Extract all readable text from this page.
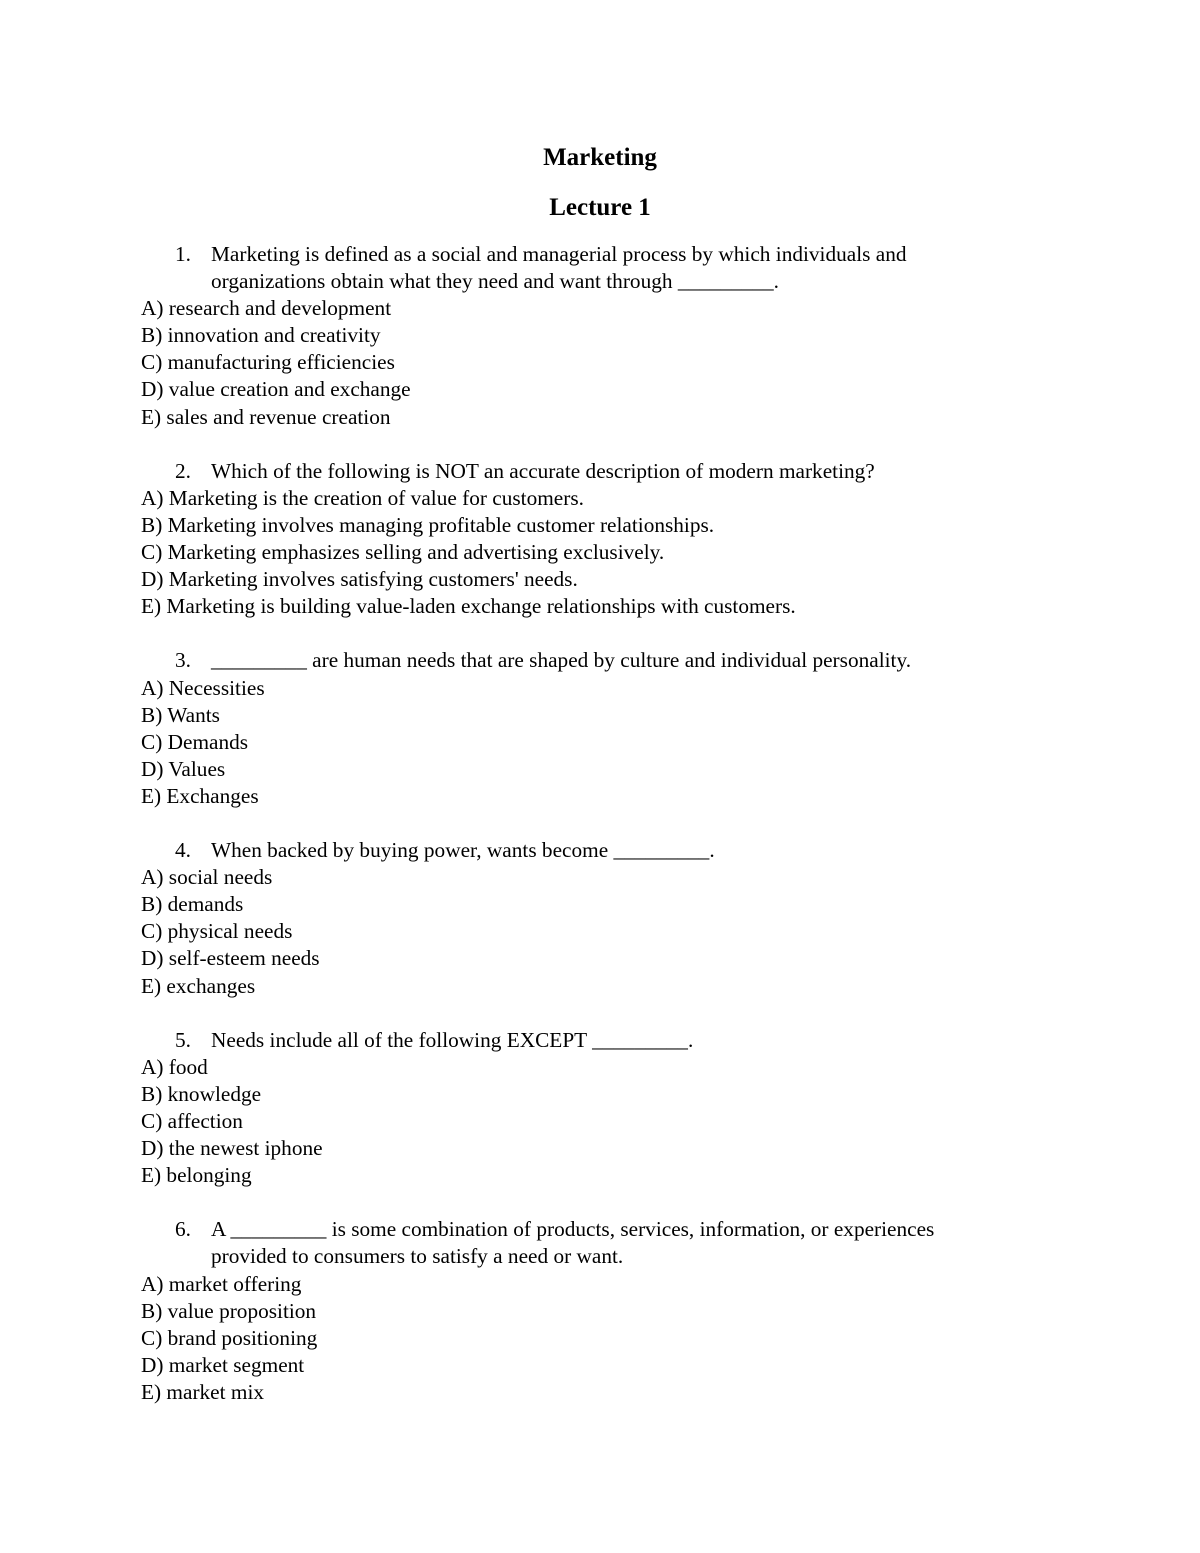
Marketing
Lecture 1
1. Marketing is defined as a social and managerial process by which individuals and
organizations obtain what they need and want through _________.
A) research and development
B) innovation and creativity
C) manufacturing efficiencies
D) value creation and exchange
E) sales and revenue creation
2. Which of the following is NOT an accurate description of modern marketing?
A) Marketing is the creation of value for customers.
B) Marketing involves managing profitable customer relationships.
C) Marketing emphasizes selling and advertising exclusively.
D) Marketing involves satisfying customers' needs.
E) Marketing is building value-laden exchange relationships with customers.
3. _________ are human needs that are shaped by culture and individual personality.
A) Necessities
B) Wants
C) Demands
D) Values
E) Exchanges
4. When backed by buying power, wants become _________.
A) social needs
B) demands
C) physical needs
D) self-esteem needs
E) exchanges
5. Needs include all of the following EXCEPT _________.
A) food
B) knowledge
C) affection
D) the newest iphone
E) belonging
6. A _________ is some combination of products, services, information, or experiences
provided to consumers to satisfy a need or want.
A) market offering
B) value proposition
C) brand positioning
D) market segment
E) market mix
